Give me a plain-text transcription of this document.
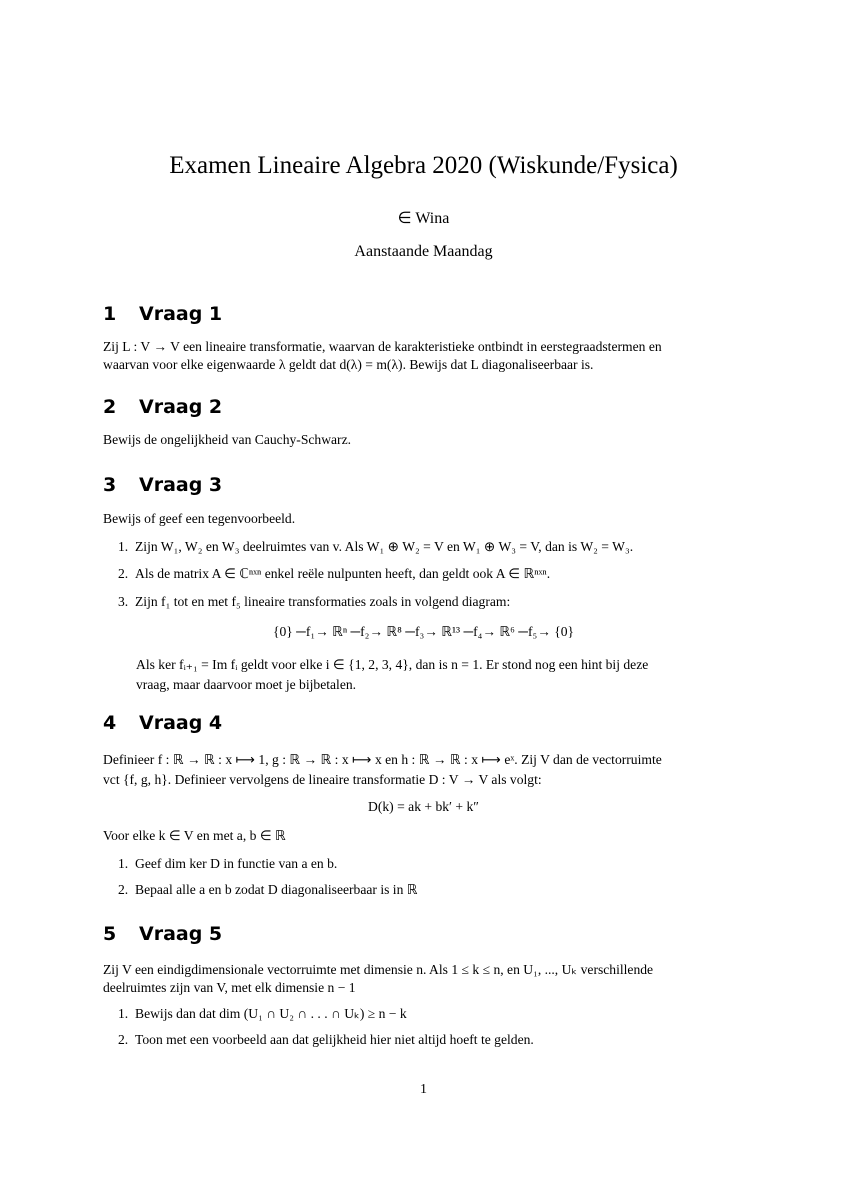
Examen Lineaire Algebra 2020 (Wiskunde/Fysica)
∈ Wina
Aanstaande Maandag
1 Vraag 1
Zij L : V → V een lineaire transformatie, waarvan de karakteristieke ontbindt in eerstegraadstermen en
waarvan voor elke eigenwaarde λ geldt dat d(λ) = m(λ). Bewijs dat L diagonaliseerbaar is.
2 Vraag 2
Bewijs de ongelijkheid van Cauchy-Schwarz.
3 Vraag 3
Bewijs of geef een tegenvoorbeeld.
1. Zijn W₁, W₂ en W₃ deelruimtes van v. Als W₁ ⊕ W₂ = V en W₁ ⊕ W₃ = V, dan is W₂ = W₃.
2. Als de matrix A ∈ ℂⁿˣⁿ enkel reële nulpunten heeft, dan geldt ook A ∈ ℝⁿˣⁿ.
3. Zijn f₁ tot en met f₅ lineaire transformaties zoals in volgend diagram:
{0} ─f₁→ ℝⁿ ─f₂→ ℝ⁸ ─f₃→ ℝ¹³ ─f₄→ ℝ⁶ ─f₅→ {0}
Als ker fᵢ₊₁ = Im fᵢ geldt voor elke i ∈ {1, 2, 3, 4}, dan is n = 1. Er stond nog een hint bij deze
vraag, maar daarvoor moet je bijbetalen.
4 Vraag 4
Definieer f : ℝ → ℝ : x ⟼ 1, g : ℝ → ℝ : x ⟼ x en h : ℝ → ℝ : x ⟼ eˣ. Zij V dan de vectorruimte
vct {f, g, h}. Definieer vervolgens de lineaire transformatie D : V → V als volgt:
D(k) = ak + bk′ + k″
Voor elke k ∈ V en met a, b ∈ ℝ
1. Geef dim ker D in functie van a en b.
2. Bepaal alle a en b zodat D diagonaliseerbaar is in ℝ
5 Vraag 5
Zij V een eindigdimensionale vectorruimte met dimensie n. Als 1 ≤ k ≤ n, en U₁, ..., Uₖ verschillende
deelruimtes zijn van V, met elk dimensie n − 1
1. Bewijs dan dat dim (U₁ ∩ U₂ ∩ . . . ∩ Uₖ) ≥ n − k
2. Toon met een voorbeeld aan dat gelijkheid hier niet altijd hoeft te gelden.
1
